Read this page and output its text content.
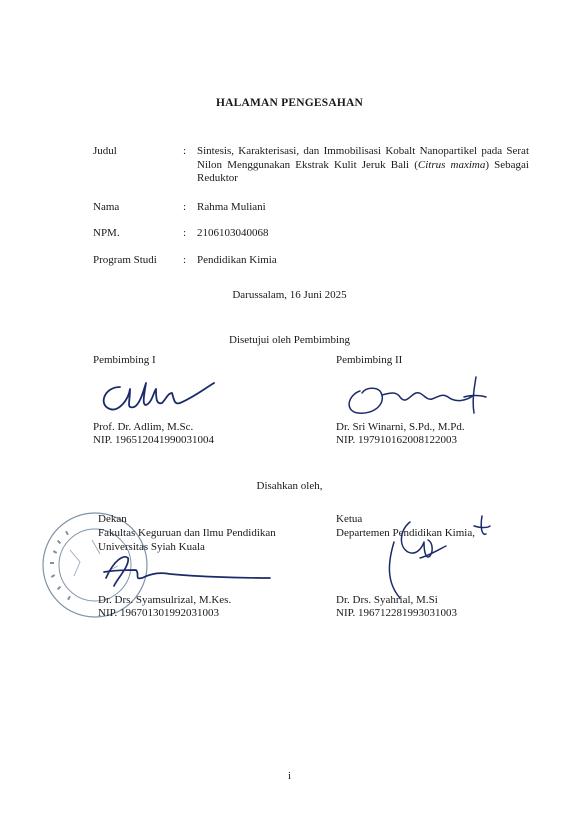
HALAMAN PENGESAHAN
Judul	: Sintesis, Karakterisasi, dan Immobilisasi Kobalt Nanopartikel pada Serat Nilon Menggunakan Ekstrak Kulit Jeruk Bali (Citrus maxima) Sebagai Reduktor
Nama	: Rahma Muliani
NPM.	: 2106103040068
Program Studi	: Pendidikan Kimia
Darussalam, 16 Juni 2025
Disetujui oleh Pembimbing
Pembimbing I
Prof. Dr. Adlim, M.Sc.
NIP. 196512041990031004
Pembimbing II
Dr. Sri Winarni, S.Pd., M.Pd.
NIP. 197910162008122003
Disahkan oleh,
Dekan
Fakultas Keguruan dan Ilmu Pendidikan
Universitas Syiah Kuala
Dr. Drs. Syamsulrizal, M.Kes.
NIP. 196701301992031003
Ketua
Departemen Pendidikan Kimia,
Dr. Drs. Syahrial, M.Si
NIP. 196712281993031003
i
